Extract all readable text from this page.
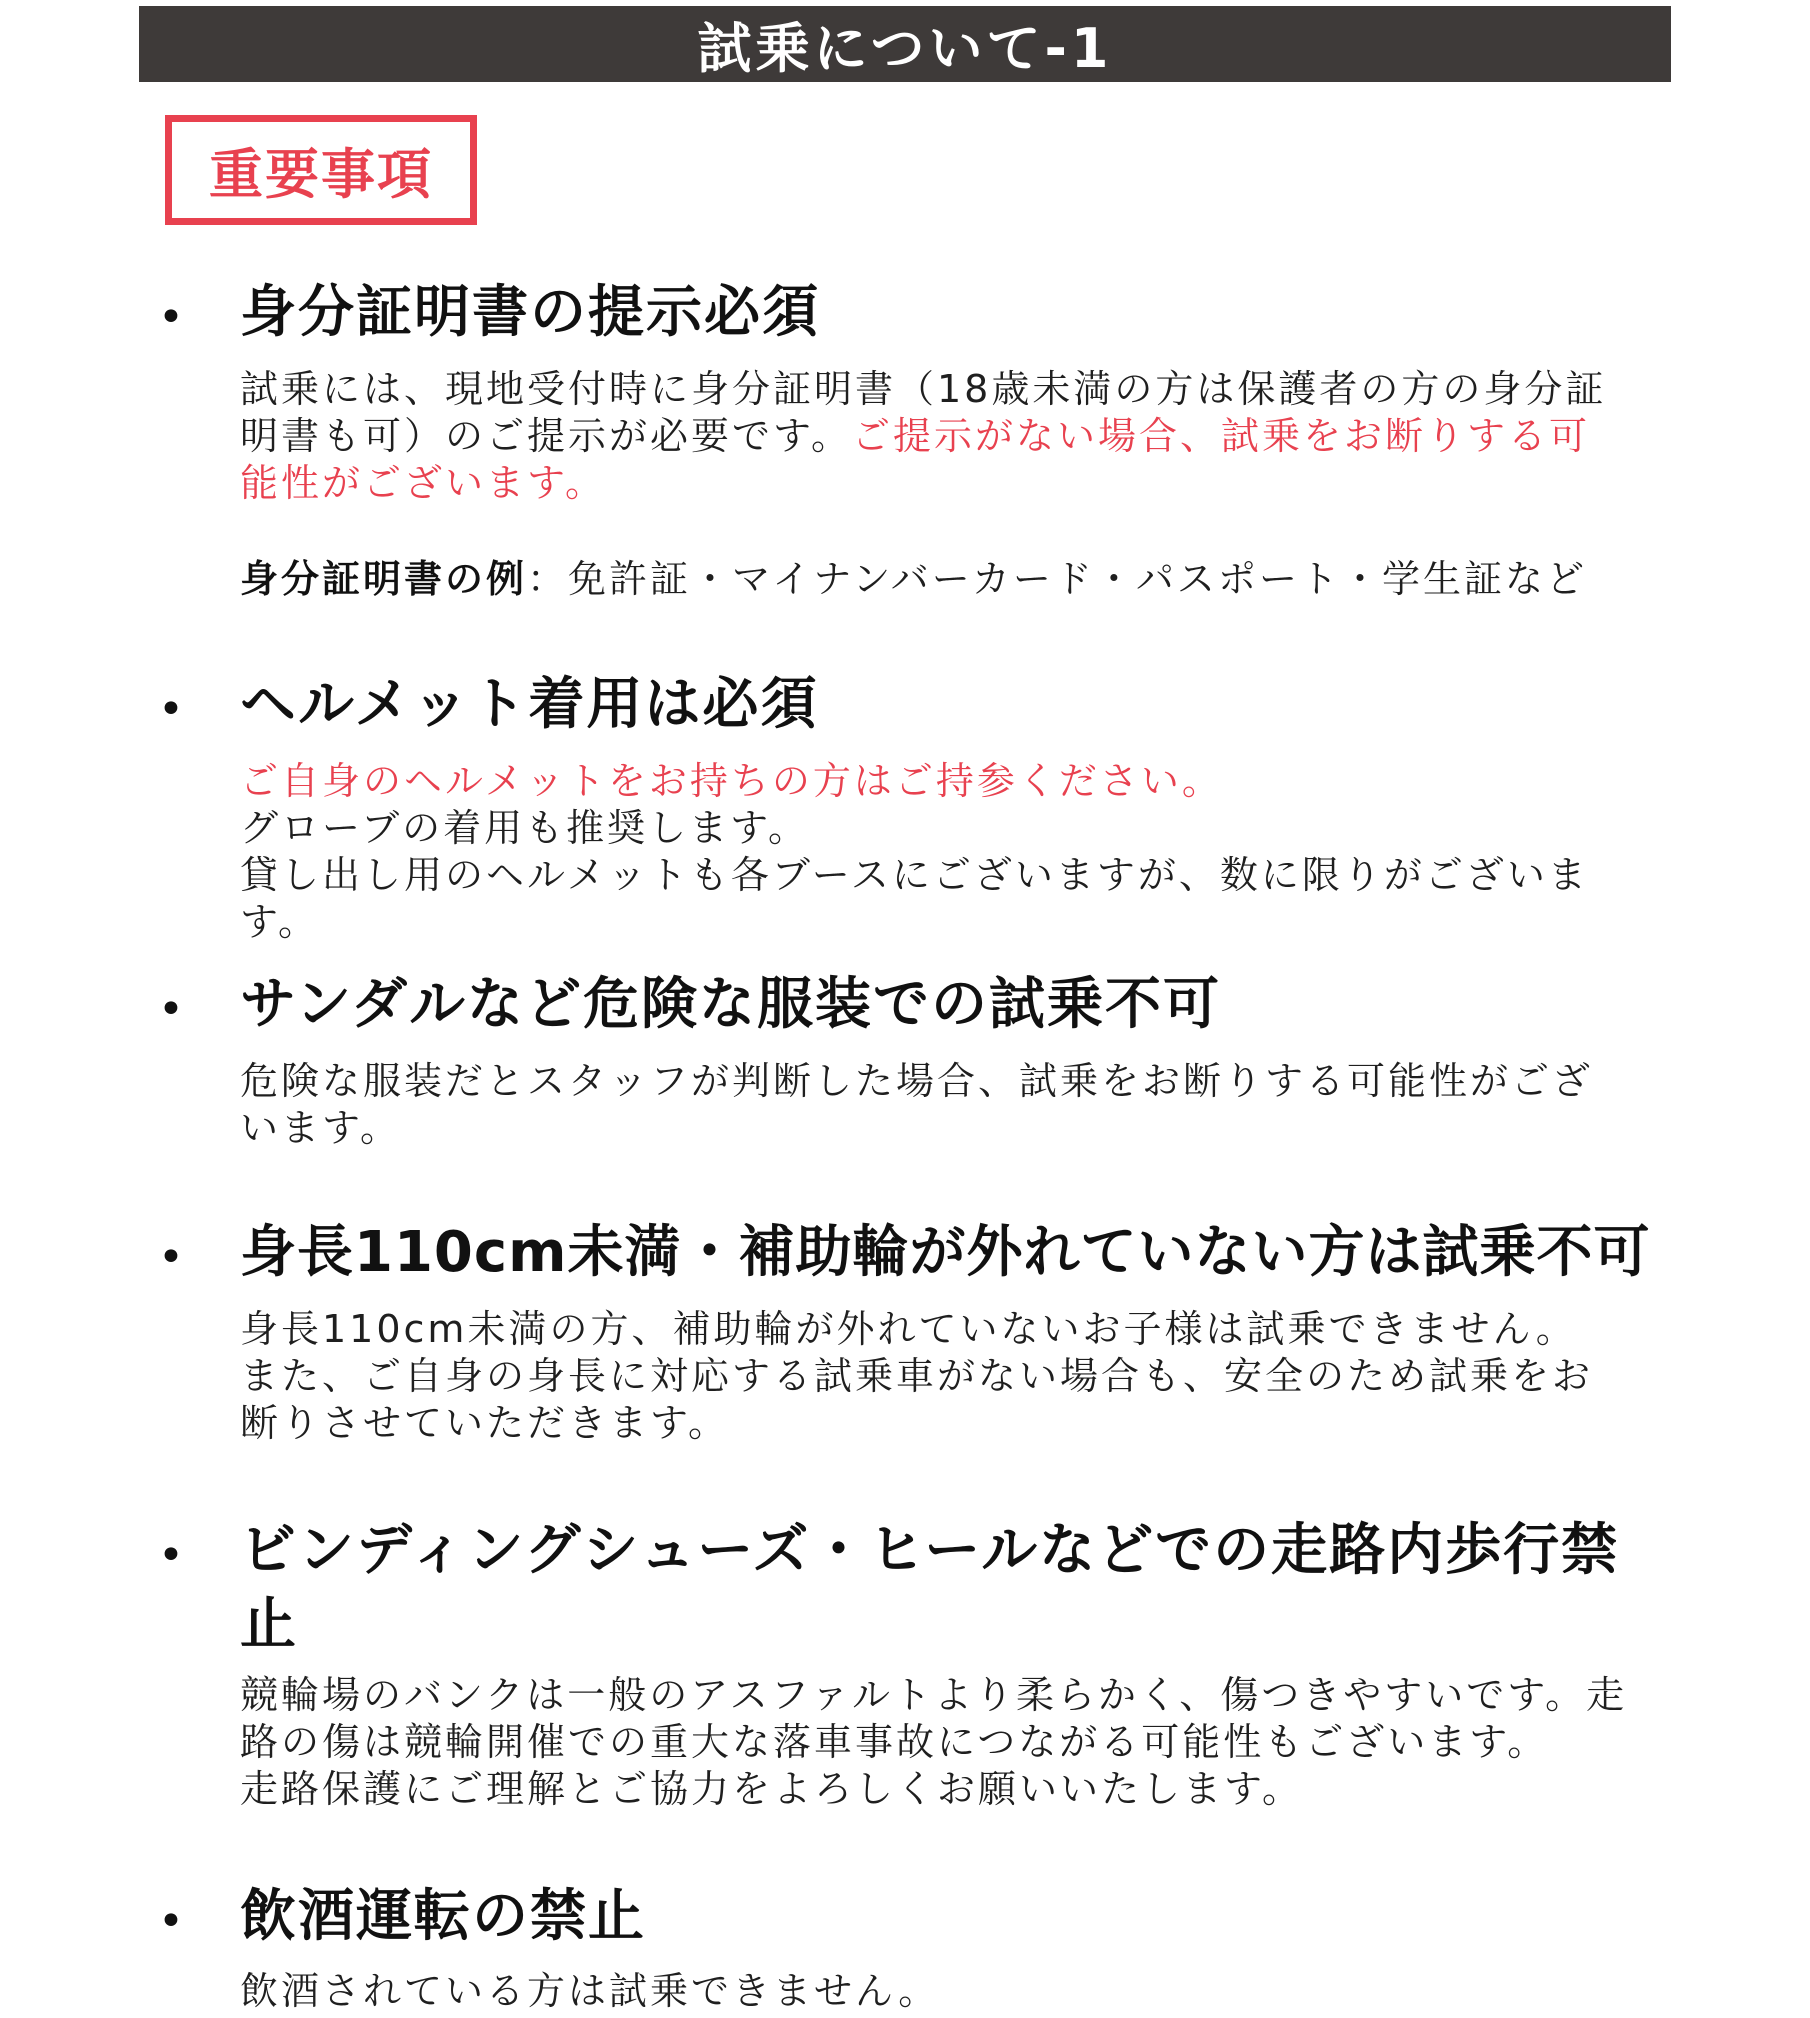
試乗について-1
重要事項
• 身分証明書の提示必須
試乗には、現地受付時に身分証明書（18歳未満の方は保護者の方の身分証明書も可）のご提示が必要です。ご提示がない場合、試乗をお断りする可能性がございます。
身分証明書の例：免許証・マイナンバーカード・パスポート・学生証など
• ヘルメット着用は必須
ご自身のヘルメットをお持ちの方はご持参ください。
グローブの着用も推奨します。
貸し出し用のヘルメットも各ブースにございますが、数に限りがございます。
• サンダルなど危険な服装での試乗不可
危険な服装だとスタッフが判断した場合、試乗をお断りする可能性がございます。
• 身長110cm未満・補助輪が外れていない方は試乗不可
身長110cm未満の方、補助輪が外れていないお子様は試乗できません。
また、ご自身の身長に対応する試乗車がない場合も、安全のため試乗をお断りさせていただきます。
• ビンディングシューズ・ヒールなどでの走路内歩行禁止
競輪場のバンクは一般のアスファルトより柔らかく、傷つきやすいです。走路の傷は競輪開催での重大な落車事故につながる可能性もございます。
走路保護にご理解とご協力をよろしくお願いいたします。
• 飲酒運転の禁止
飲酒されている方は試乗できません。
